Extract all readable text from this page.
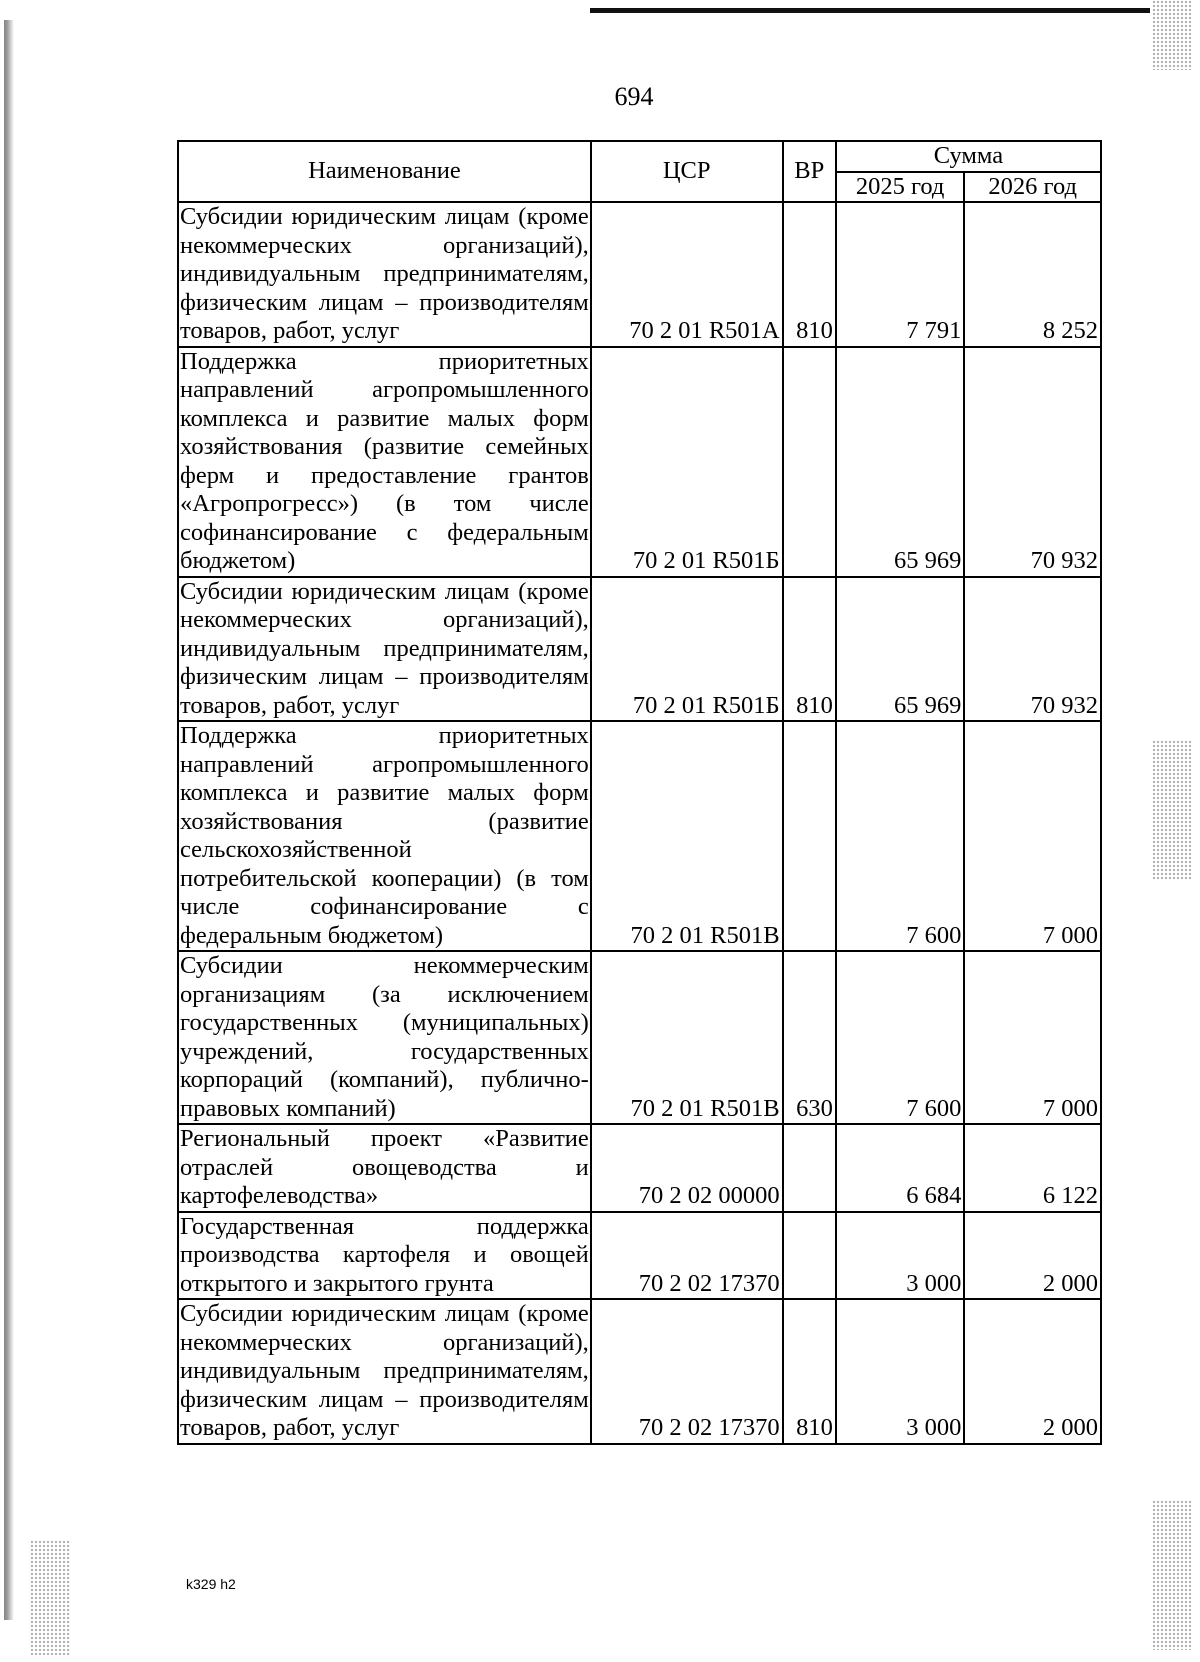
694
Наименование	ЦСР	ВР	Сумма	
			2025 год	2026 год
Субсидии юридическим лицам (кроме некоммерческих организаций), индивидуальным предпринимателям, физическим лицам – производителям товаров, работ, услуг	70 2 01 R501А	810	7 791	8 252
Поддержка приоритетных направлений агропромышленного комплекса и развитие малых форм хозяйствования (развитие семейных ферм и предоставление грантов «Агропрогресс») (в том числе софинансирование с федеральным бюджетом)	70 2 01 R501Б		65 969	70 932
Субсидии юридическим лицам (кроме некоммерческих организаций), индивидуальным предпринимателям, физическим лицам – производителям товаров, работ, услуг	70 2 01 R501Б	810	65 969	70 932
Поддержка приоритетных направлений агропромышленного комплекса и развитие малых форм хозяйствования (развитие сельскохозяйственной потребительской кооперации) (в том числе софинансирование с федеральным бюджетом)	70 2 01 R501В		7 600	7 000
Субсидии некоммерческим организациям (за исключением государственных (муниципальных) учреждений, государственных корпораций (компаний), публично-правовых компаний)	70 2 01 R501В	630	7 600	7 000
Региональный проект «Развитие отраслей овощеводства и картофелеводства»	70 2 02 00000		6 684	6 122
Государственная поддержка производства картофеля и овощей открытого и закрытого грунта	70 2 02 17370		3 000	2 000
Субсидии юридическим лицам (кроме некоммерческих организаций), индивидуальным предпринимателям, физическим лицам – производителям товаров, работ, услуг	70 2 02 17370	810	3 000	2 000
k329 h2
